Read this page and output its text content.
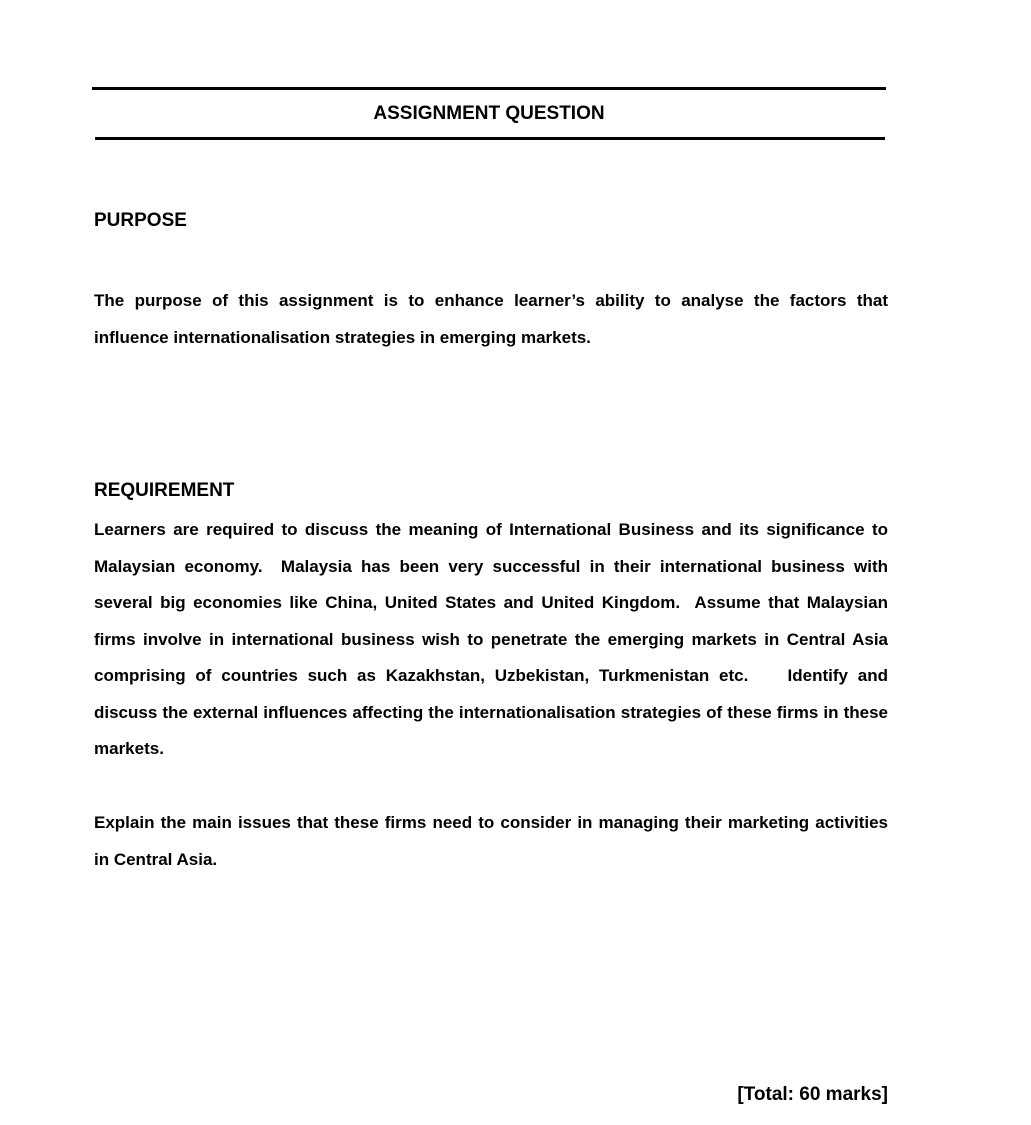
ASSIGNMENT QUESTION
PURPOSE

The purpose of this assignment is to enhance learner’s ability to analyse the factors that influence internationalisation strategies in emerging markets.

REQUIREMENT

Learners are required to discuss the meaning of International Business and its significance to Malaysian economy.  Malaysia has been very successful in their international business with several big economies like China, United States and United Kingdom.  Assume that Malaysian firms involve in international business wish to penetrate the emerging markets in Central Asia comprising of countries such as Kazakhstan, Uzbekistan, Turkmenistan etc.    Identify and discuss the external influences affecting the internationalisation strategies of these firms in these markets.

Explain the main issues that these firms need to consider in managing their marketing activities in Central Asia.

[Total: 60 marks]
